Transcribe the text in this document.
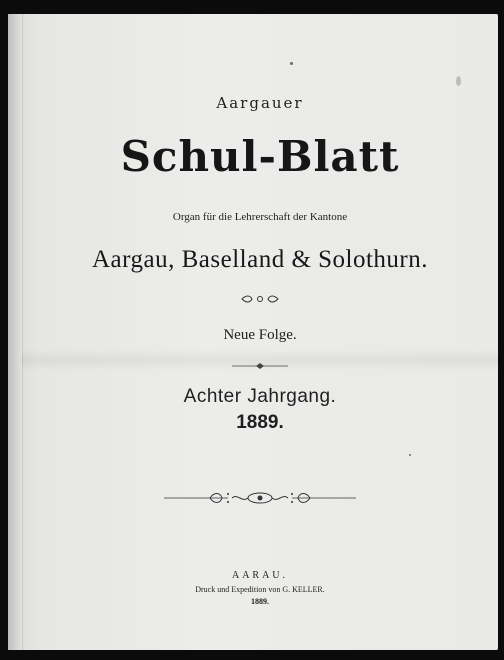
Aargauer
Schul-Blatt
Organ für die Lehrerschaft der Kantone
Aargau, Baselland & Solothurn.
Neue Folge.
Achter Jahrgang.
1889.
AARAU.
Druck und Expedition von G. KELLER.
1889.
